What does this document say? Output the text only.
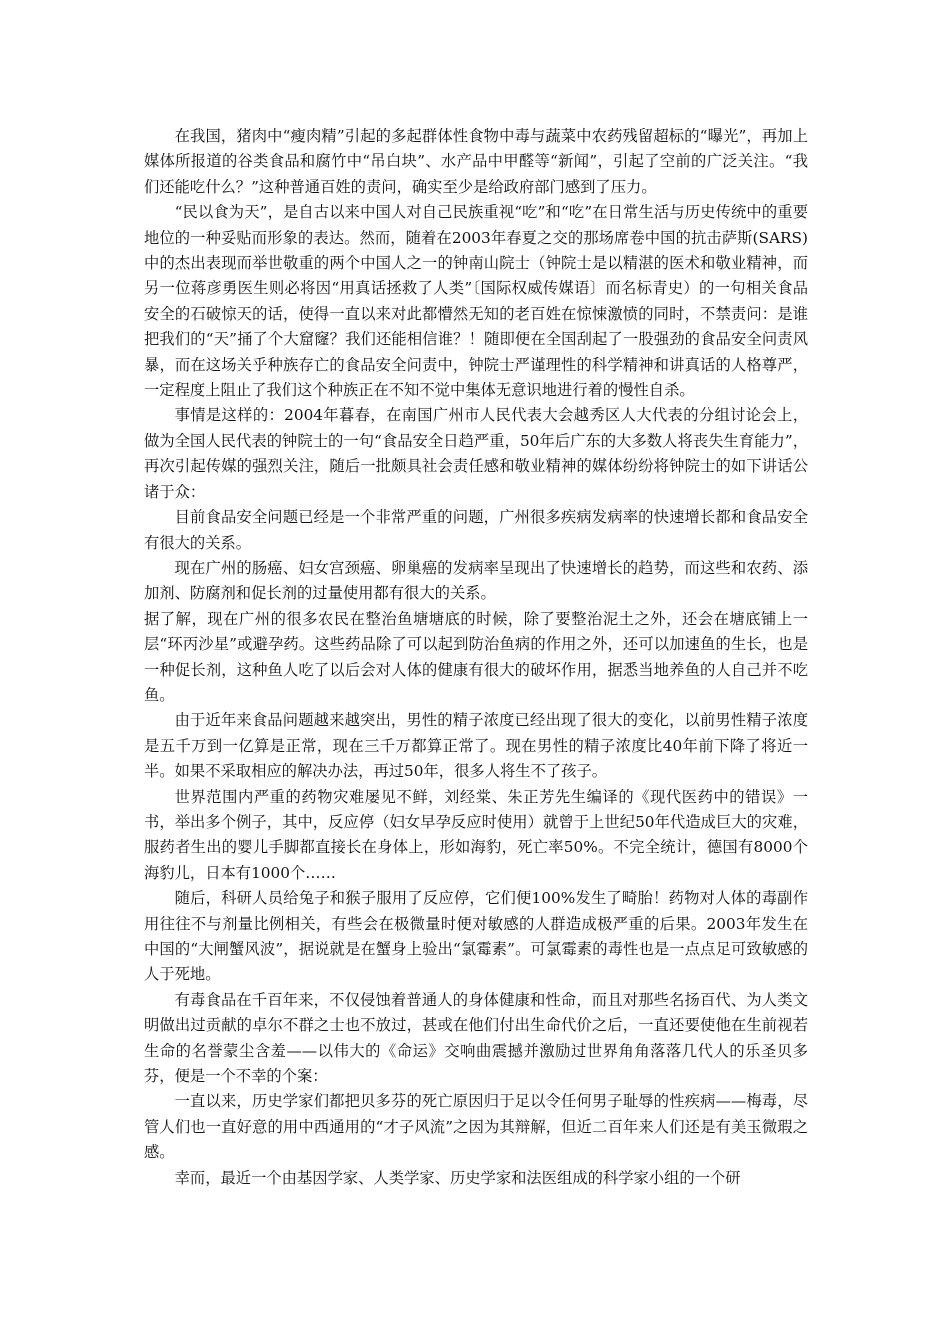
在我国，猪肉中“瘦肉精”引起的多起群体性食物中毒与蔬菜中农药残留超标的“曝光”，再加上媒体所报道的谷类食品和腐竹中“吊白块”、水产品中甲醛等“新闻”，引起了空前的广泛关注。“我们还能吃什么？”这种普通百姓的责问，确实至少是给政府部门感到了压力。

“民以食为天”，是自古以来中国人对自己民族重视“吃”和“吃”在日常生活与历史传统中的重要地位的一种妥贴而形象的表达。然而，随着在2003年春夏之交的那场席卷中国的抗击萨斯(SARS)中的杰出表现而举世敬重的两个中国人之一的钟南山院士（钟院士是以精湛的医术和敬业精神，而另一位蒋彦勇医生则必将因“用真话拯救了人类”〔国际权威传媒语〕而名标青史）的一句相关食品安全的石破惊天的话，使得一直以来对此都懵然无知的老百姓在惊悚激愤的同时，不禁责问：是谁把我们的“天”捅了个大窟窿？我们还能相信谁？！随即便在全国刮起了一股强劲的食品安全问责风暴，而在这场关乎种族存亡的食品安全问责中，钟院士严谨理性的科学精神和讲真话的人格尊严，一定程度上阻止了我们这个种族正在不知不觉中集体无意识地进行着的慢性自杀。

事情是这样的：2004年暮春，在南国广州市人民代表大会越秀区人大代表的分组讨论会上，做为全国人民代表的钟院士的一句“食品安全日趋严重，50年后广东的大多数人将丧失生育能力”，再次引起传媒的强烈关注，随后一批颇具社会责任感和敬业精神的媒体纷纷将钟院士的如下讲话公诸于众：

目前食品安全问题已经是一个非常严重的问题，广州很多疾病发病率的快速增长都和食品安全有很大的关系。

现在广州的肠癌、妇女宫颈癌、卵巢癌的发病率呈现出了快速增长的趋势，而这些和农药、添加剂、防腐剂和促长剂的过量使用都有很大的关系。

据了解，现在广州的很多农民在整治鱼塘塘底的时候，除了要整治泥土之外，还会在塘底铺上一层“环丙沙星”或避孕药。这些药品除了可以起到防治鱼病的作用之外，还可以加速鱼的生长，也是一种促长剂，这种鱼人吃了以后会对人体的健康有很大的破坏作用，据悉当地养鱼的人自己并不吃鱼。

由于近年来食品问题越来越突出，男性的精子浓度已经出现了很大的变化，以前男性精子浓度是五千万到一亿算是正常，现在三千万都算正常了。现在男性的精子浓度比40年前下降了将近一半。如果不采取相应的解决办法，再过50年，很多人将生不了孩子。

世界范围内严重的药物灾难屡见不鲜，刘经棠、朱正芳先生编译的《现代医药中的错误》一书，举出多个例子，其中，反应停（妇女早孕反应时使用）就曾于上世纪50年代造成巨大的灾难，服药者生出的婴儿手脚都直接长在身体上，形如海豹，死亡率50%。不完全统计，德国有8000个海豹儿，日本有1000个……

随后，科研人员给兔子和猴子服用了反应停，它们便100%发生了畸胎！药物对人体的毒副作用往往不与剂量比例相关，有些会在极微量时便对敏感的人群造成极严重的后果。2003年发生在中国的“大闸蟹风波”，据说就是在蟹身上验出“氯霉素”。可氯霉素的毒性也是一点点足可致敏感的人于死地。

有毒食品在千百年来，不仅侵蚀着普通人的身体健康和性命，而且对那些名扬百代、为人类文明做出过贡献的卓尔不群之士也不放过，甚或在他们付出生命代价之后，一直还要使他在生前视若生命的名誉蒙尘含羞——以伟大的《命运》交响曲震撼并激励过世界角角落落几代人的乐圣贝多芬，便是一个不幸的个案：

一直以来，历史学家们都把贝多芬的死亡原因归于足以令任何男子耻辱的性疾病——梅毒，尽管人们也一直好意的用中西通用的“才子风流”之因为其辩解，但近二百年来人们还是有美玉微瑕之感。

幸而，最近一个由基因学家、人类学家、历史学家和法医组成的科学家小组的一个研
